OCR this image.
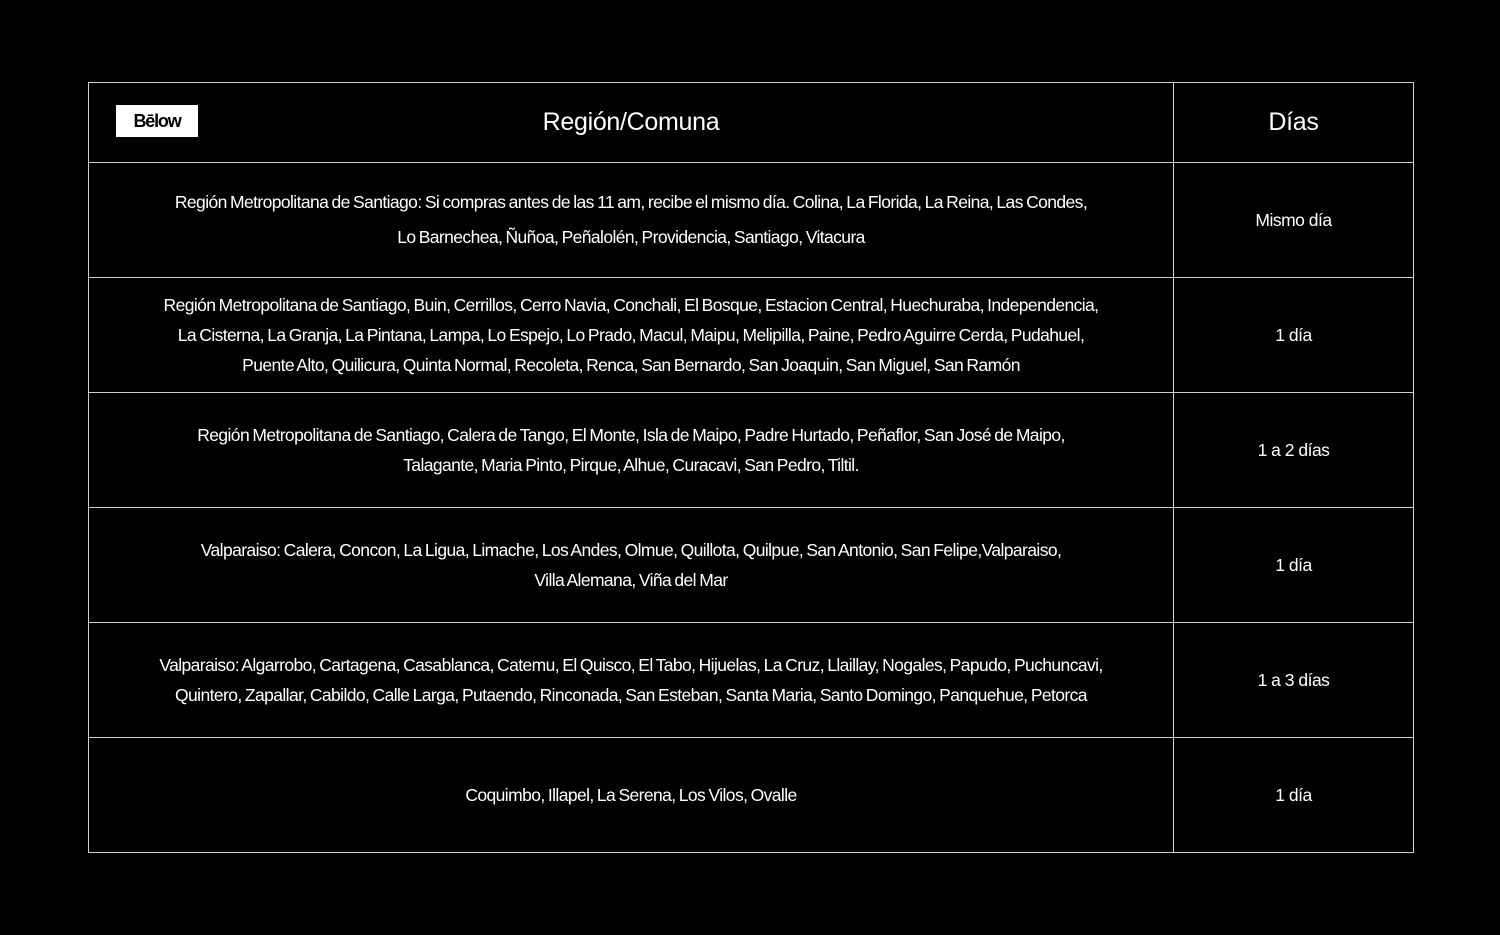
Bēlow Región/Comuna	Días

Región Metropolitana de Santiago: Si compras antes de las 11 am, recibe el mismo día. Colina, La Florida, La Reina, Las Condes,
Lo Barnechea, Ñuñoa, Peñalolén, Providencia, Santiago, Vitacura	Mismo día

Región Metropolitana de Santiago, Buin, Cerrillos, Cerro Navia, Conchali, El Bosque, Estacion Central, Huechuraba, Independencia,
La Cisterna, La Granja, La Pintana, Lampa, Lo Espejo, Lo Prado, Macul, Maipu, Melipilla, Paine, Pedro Aguirre Cerda, Pudahuel,
Puente Alto, Quilicura, Quinta Normal, Recoleta, Renca, San Bernardo, San Joaquin, San Miguel, San Ramón	1 día

Región Metropolitana de Santiago, Calera de Tango, El Monte, Isla de Maipo, Padre Hurtado, Peñaflor, San José de Maipo,
Talagante, Maria Pinto, Pirque, Alhue, Curacavi, San Pedro, Tiltil.	1 a 2 días

Valparaiso: Calera, Concon, La Ligua, Limache, Los Andes, Olmue, Quillota, Quilpue, San Antonio, San Felipe,Valparaiso,
Villa Alemana, Viña del Mar	1 día

Valparaiso: Algarrobo, Cartagena, Casablanca, Catemu, El Quisco, El Tabo, Hijuelas, La Cruz, Llaillay, Nogales, Papudo, Puchuncavi,
Quintero, Zapallar, Cabildo, Calle Larga, Putaendo, Rinconada, San Esteban, Santa Maria, Santo Domingo, Panquehue, Petorca	1 a 3 días

Coquimbo, Illapel, La Serena, Los Vilos, Ovalle	1 día
